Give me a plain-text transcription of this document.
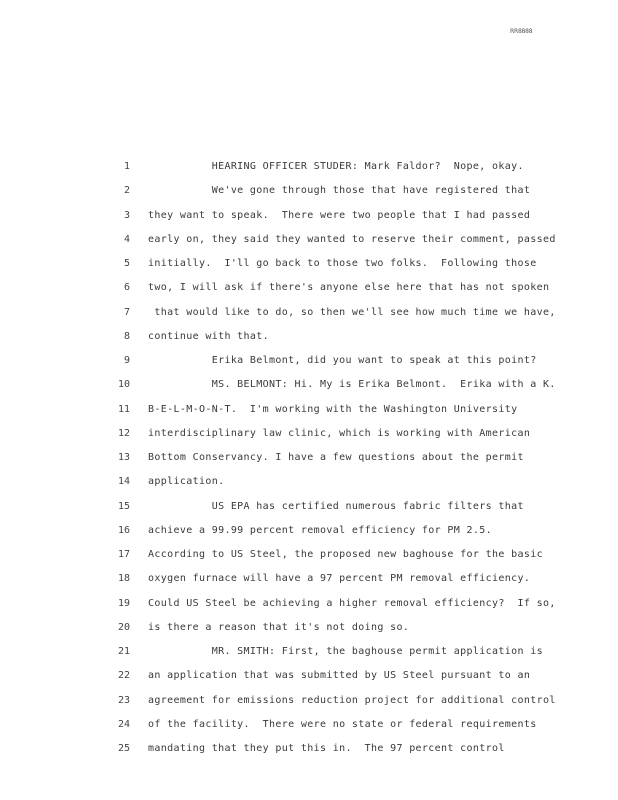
RR8888
1 HEARING OFFICER STUDER: Mark Faldor?  Nope, okay.
2 We've gone through those that have registered that
3 they want to speak.  There were two people that I had passed
4 early on, they said they wanted to reserve their comment, passed
5 initially.  I'll go back to those two folks.  Following those
6 two, I will ask if there's anyone else here that has not spoken
7 that would like to do, so then we'll see how much time we have,
8 continue with that.
9 Erika Belmont, did you want to speak at this point?
10 MS. BELMONT: Hi. My is Erika Belmont.  Erika with a K.
11 B-E-L-M-O-N-T.  I'm working with the Washington University
12 interdisciplinary law clinic, which is working with American
13 Bottom Conservancy. I have a few questions about the permit
14 application.
15 US EPA has certified numerous fabric filters that
16 achieve a 99.99 percent removal efficiency for PM 2.5.
17 According to US Steel, the proposed new baghouse for the basic
18 oxygen furnace will have a 97 percent PM removal efficiency.
19 Could US Steel be achieving a higher removal efficiency?  If so,
20 is there a reason that it's not doing so.
21 MR. SMITH: First, the baghouse permit application is
22 an application that was submitted by US Steel pursuant to an
23 agreement for emissions reduction project for additional control
24 of the facility.  There were no state or federal requirements
25 mandating that they put this in.  The 97 percent control
